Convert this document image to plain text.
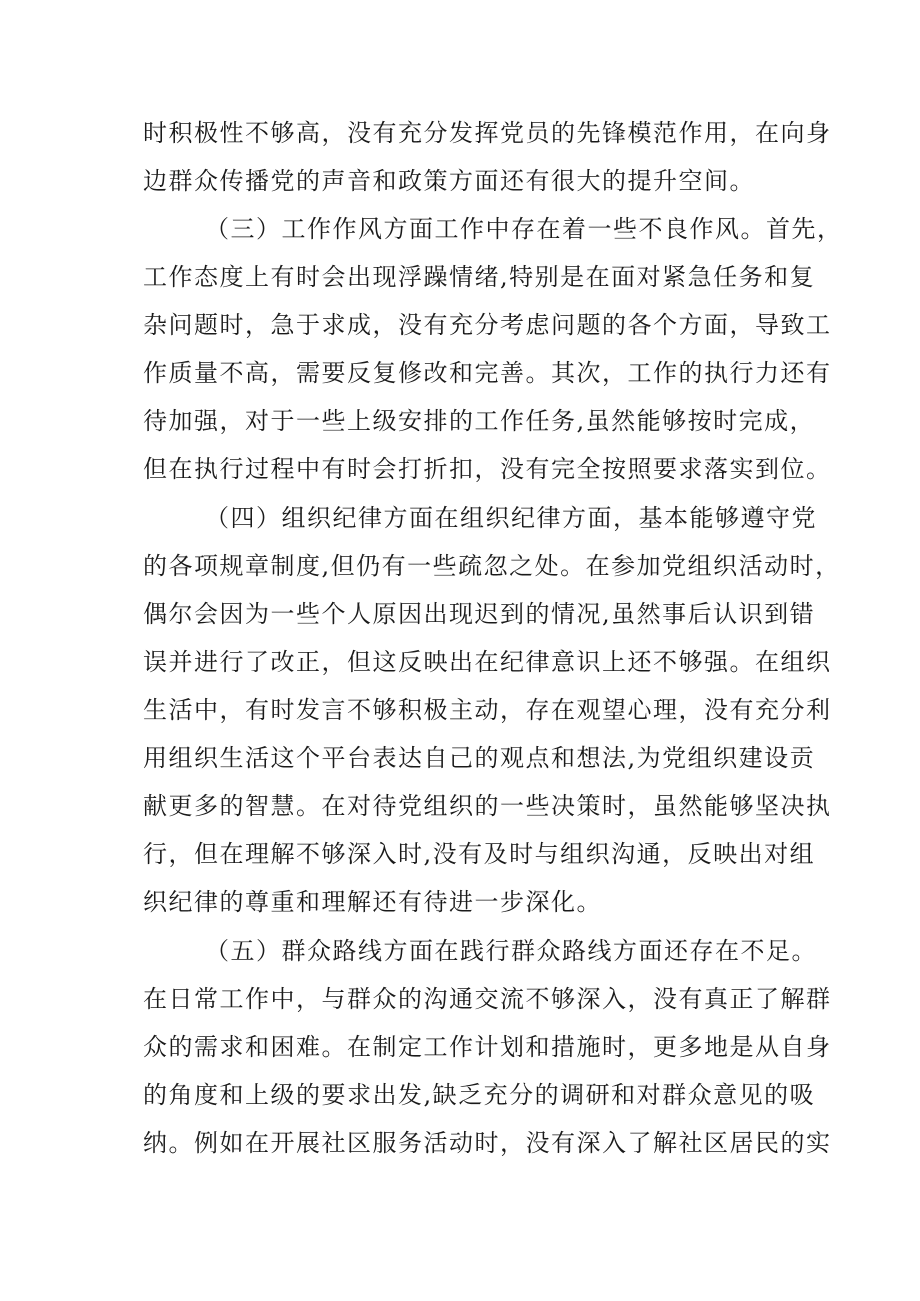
时积极性不够高，没有充分发挥党员的先锋模范作用，在向身
边群众传播党的声音和政策方面还有很大的提升空间。
（三）工作作风方面工作中存在着一些不良作风。首先，
工作态度上有时会出现浮躁情绪,特别是在面对紧急任务和复
杂问题时，急于求成，没有充分考虑问题的各个方面，导致工
作质量不高，需要反复修改和完善。其次，工作的执行力还有
待加强，对于一些上级安排的工作任务,虽然能够按时完成，
但在执行过程中有时会打折扣，没有完全按照要求落实到位。
（四）组织纪律方面在组织纪律方面，基本能够遵守党
的各项规章制度,但仍有一些疏忽之处。在参加党组织活动时，
偶尔会因为一些个人原因出现迟到的情况,虽然事后认识到错
误并进行了改正，但这反映出在纪律意识上还不够强。在组织
生活中，有时发言不够积极主动，存在观望心理，没有充分利
用组织生活这个平台表达自己的观点和想法,为党组织建设贡
献更多的智慧。在对待党组织的一些决策时，虽然能够坚决执
行，但在理解不够深入时,没有及时与组织沟通，反映出对组
织纪律的尊重和理解还有待进一步深化。
（五）群众路线方面在践行群众路线方面还存在不足。
在日常工作中，与群众的沟通交流不够深入，没有真正了解群
众的需求和困难。在制定工作计划和措施时，更多地是从自身
的角度和上级的要求出发,缺乏充分的调研和对群众意见的吸
纳。例如在开展社区服务活动时，没有深入了解社区居民的实
